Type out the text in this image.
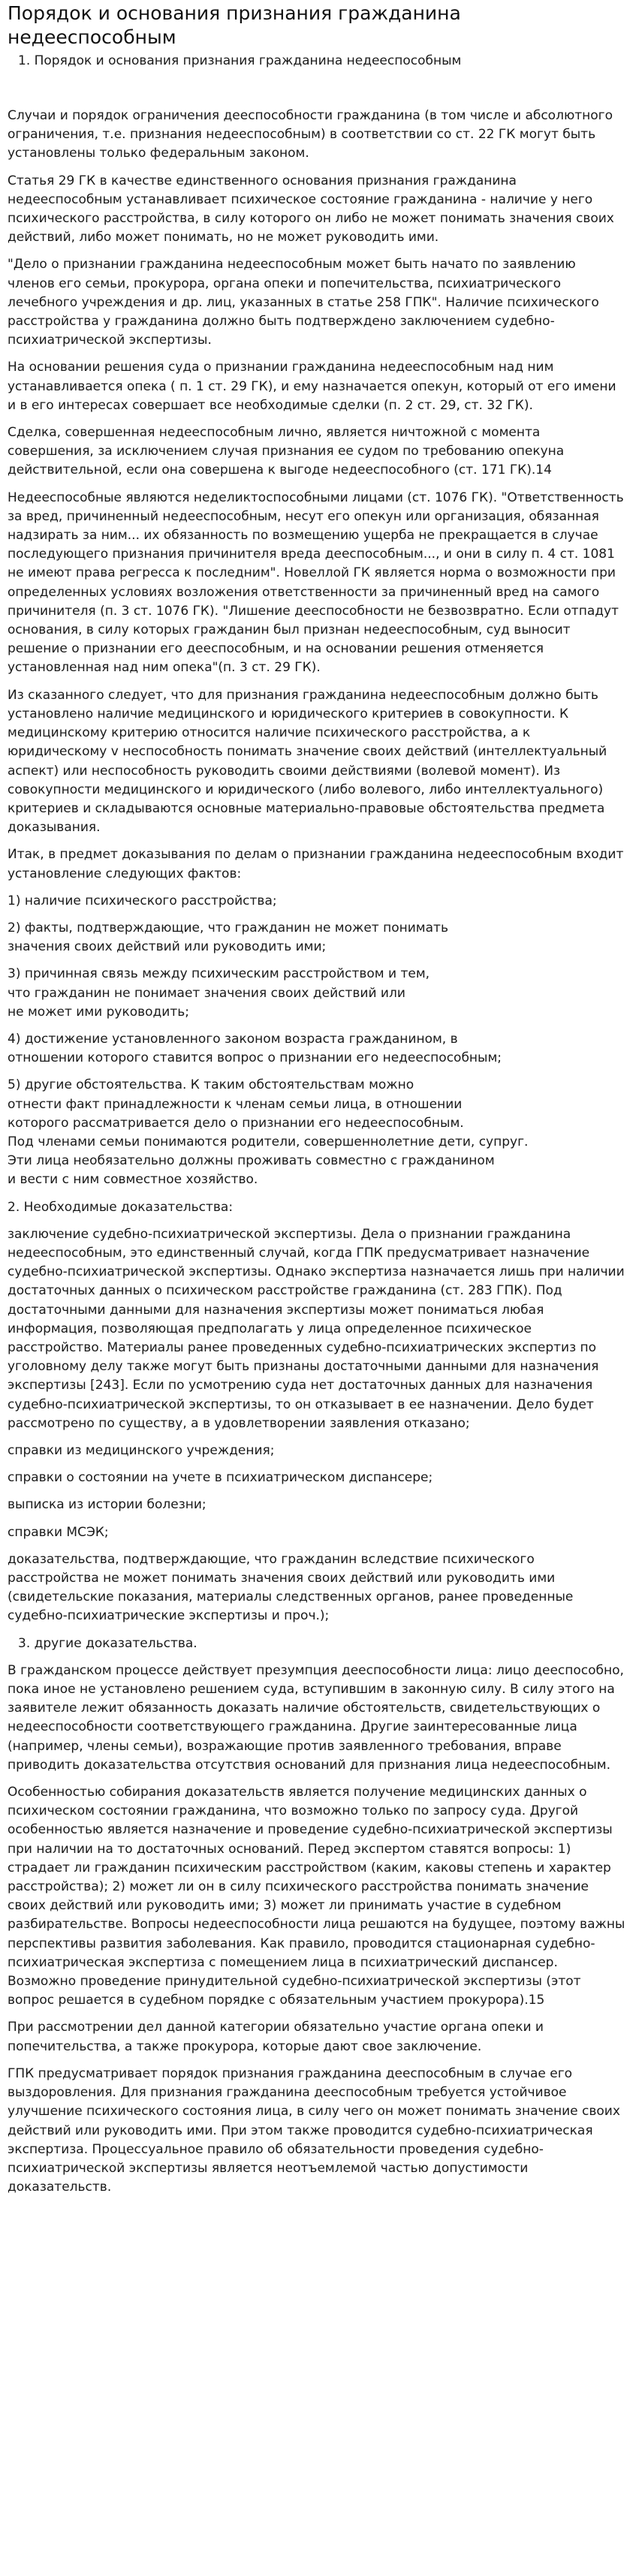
Порядок и основания признания гражданина недееспособным
1. Порядок и основания признания гражданина недееспособным

Случаи и порядок ограничения дееспособности гражданина (в том числе и абсолютного ограничения, т.е. признания недееспособным) в соответствии со ст. 22 ГК могут быть установлены только федеральным законом.

Статья 29 ГК в качестве единственного основания признания гражданина недееспособным устанавливает психическое состояние гражданина - наличие у него психического расстройства, в силу которого он либо не может понимать значения своих действий, либо может понимать, но не может руководить ими.

"Дело о признании гражданина недееспособным может быть начато по заявлению членов его семьи, прокурора, органа опеки и попечительства, психиатрического лечебного учреждения и др. лиц, указанных в статье 258 ГПК". Наличие психического расстройства у гражданина должно быть подтверждено заключением судебно-психиатрической экспертизы.

На основании решения суда о признании гражданина недееспособным над ним устанавливается опека ( п. 1 ст. 29 ГК), и ему назначается опекун, который от его имени и в его интересах совершает все необходимые сделки (п. 2 ст. 29, ст. 32 ГК).

Сделка, совершенная недееспособным лично, является ничтожной с момента совершения, за исключением случая признания ее судом по требованию опекуна действительной, если она совершена к выгоде недееспособного (ст. 171 ГК).14

Недееспособные являются неделиктоспособными лицами (ст. 1076 ГК). "Ответственность за вред, причиненный недееспособным, несут его опекун или организация, обязанная надзирать за ним... их обязанность по возмещению ущерба не прекращается в случае последующего признания причинителя вреда дееспособным..., и они в силу п. 4 ст. 1081 не имеют права регресса к последним". Новеллой ГК является норма о возможности при определенных условиях возложения ответственности за причиненный вред на самого причинителя (п. 3 ст. 1076 ГК). "Лишение дееспособности не безвозвратно. Если отпадут основания, в силу которых гражданин был признан недееспособным, суд выносит решение о признании его дееспособным, и на основании решения отменяется установленная над ним опека"(п. 3 ст. 29 ГК).

Из сказанного следует, что для признания гражданина недееспособным должно быть установлено наличие медицинского и юридического критериев в совокупности. К медицинскому критерию относится наличие психического расстройства, а к юридическому v неспособность понимать значение своих действий (интеллектуальный аспект) или неспособность руководить своими действиями (волевой момент). Из совокупности медицинского и юридического (либо волевого, либо интеллектуального) критериев и складываются основные материально-правовые обстоятельства предмета доказывания.

Итак, в предмет доказывания по делам о признании гражданина недееспособным входит установление следующих фактов:

1) наличие психического расстройства;

2) факты, подтверждающие, что гражданин не может понимать
значения своих действий или руководить ими;

3) причинная связь между психическим расстройством и тем,
что гражданин не понимает значения своих действий или
не может ими руководить;

4) достижение установленного законом возраста гражданином, в
отношении которого ставится вопрос о признании его недееспособным;

5) другие обстоятельства. К таким обстоятельствам можно
отнести факт принадлежности к членам семьи лица, в отношении
которого рассматривается дело о признании его недееспособным.
Под членами семьи понимаются родители, совершеннолетние дети, супруг.
Эти лица необязательно должны проживать совместно с гражданином
и вести с ним совместное хозяйство.

2. Необходимые доказательства:

заключение судебно-психиатрической экспертизы. Дела о признании гражданина недееспособным, это единственный случай, когда ГПК предусматривает назначение судебно-психиатрической экспертизы. Однако экспертиза назначается лишь при наличии достаточных данных о психическом расстройстве гражданина (ст. 283 ГПК). Под достаточными данными для назначения экспертизы может пониматься любая информация, позволяющая предполагать у лица определенное психическое расстройство. Материалы ранее проведенных судебно-психиатрических экспертиз по уголовному делу также могут быть признаны достаточными данными для назначения экспертизы [243]. Если по усмотрению суда нет достаточных данных для назначения судебно-психиатрической экспертизы, то он отказывает в ее назначении. Дело будет рассмотрено по существу, а в удовлетворении заявления отказано;

справки из медицинского учреждения;

справки о состоянии на учете в психиатрическом диспансере;

выписка из истории болезни;

справки МСЭК;

доказательства, подтверждающие, что гражданин вследствие психического расстройства не может понимать значения своих действий или руководить ими (свидетельские показания, материалы следственных органов, ранее проведенные судебно-психиатрические экспертизы и проч.);

3. другие доказательства.

В гражданском процессе действует презумпция дееспособности лица: лицо дееспособно, пока иное не установлено решением суда, вступившим в законную силу. В силу этого на заявителе лежит обязанность доказать наличие обстоятельств, свидетельствующих о недееспособности соответствующего гражданина. Другие заинтересованные лица (например, члены семьи), возражающие против заявленного требования, вправе приводить доказательства отсутствия оснований для признания лица недееспособным.

Особенностью собирания доказательств является получение медицинских данных о психическом состоянии гражданина, что возможно только по запросу суда. Другой особенностью является назначение и проведение судебно-психиатрической экспертизы при наличии на то достаточных оснований. Перед экспертом ставятся вопросы: 1) страдает ли гражданин психическим расстройством (каким, каковы степень и характер расстройства); 2) может ли он в силу психического расстройства понимать значение своих действий или руководить ими; 3) может ли принимать участие в судебном разбирательстве. Вопросы недееспособности лица решаются на будущее, поэтому важны перспективы развития заболевания. Как правило, проводится стационарная судебно-психиатрическая экспертиза с помещением лица в психиатрический диспансер. Возможно проведение принудительной судебно-психиатрической экспертизы (этот вопрос решается в судебном порядке с обязательным участием прокурора).15

При рассмотрении дел данной категории обязательно участие органа опеки и попечительства, а также прокурора, которые дают свое заключение.

ГПК предусматривает порядок признания гражданина дееспособным в случае его выздоровления. Для признания гражданина дееспособным требуется устойчивое улучшение психического состояния лица, в силу чего он может понимать значение своих действий или руководить ими. При этом также проводится судебно-психиатрическая экспертиза. Процессуальное правило об обязательности проведения судебно-психиатрической экспертизы является неотъемлемой частью допустимости доказательств.
